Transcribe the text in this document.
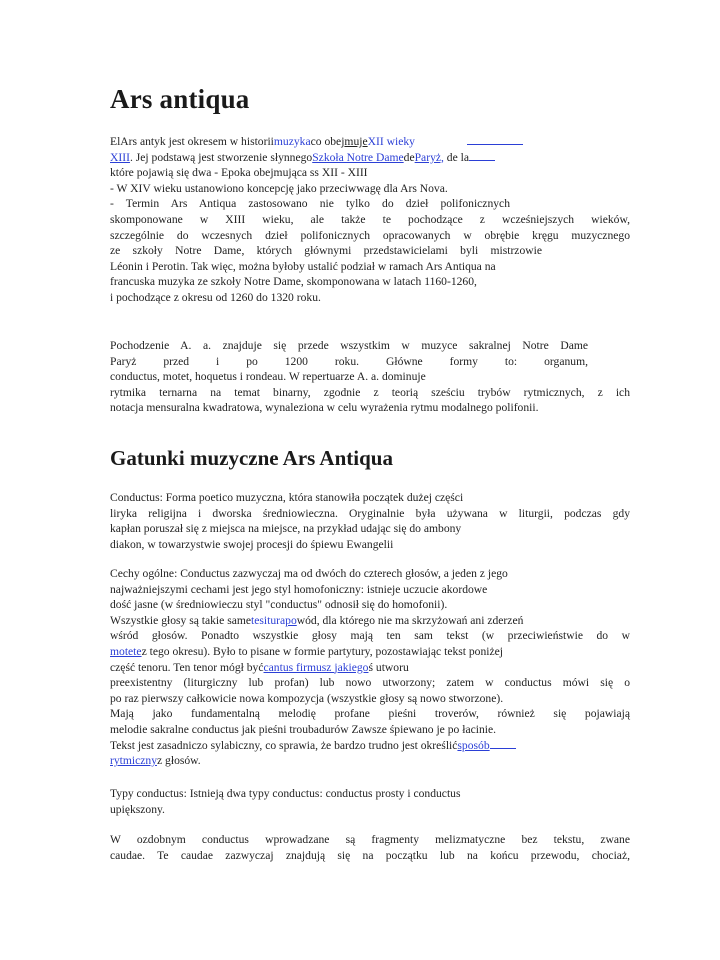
Ars antiqua
ElArs antyk jest okresem w historiimuzykaco obejmujeXII wieky
XIII. Jej podstawą jest stworzenie słynnegoSzkoła Notre DamedeParyż, de la
które pojawią się dwa - Epoka obejmująca ss XII - XIII
- W XIV wieku ustanowiono koncepcję jako przeciwwagę dla Ars Nova.
- Termin Ars Antiqua zastosowano nie tylko do dzieł polifonicznych
skomponowane w XIII wieku, ale także te pochodzące z wcześniejszych wieków,
szczególnie do wczesnych dzieł polifonicznych opracowanych w obrębie kręgu muzycznego
ze szkoły Notre Dame, których głównymi przedstawicielami byli mistrzowie
Léonin i Perotin. Tak więc, można byłoby ustalić podział w ramach Ars Antiqua na
francuska muzyka ze szkoły Notre Dame, skomponowana w latach 1160-1260,
i pochodzące z okresu od 1260 do 1320 roku.
Pochodzenie A. a. znajduje się przede wszystkim w muzyce sakralnej Notre Dame
Paryż przed i po 1200 roku. Główne formy to: organum,
conductus, motet, hoquetus i rondeau. W repertuarze A. a. dominuje
rytmika ternarna na temat binarny, zgodnie z teorią sześciu trybów rytmicznych, z ich
notacja mensuralna kwadratowa, wynaleziona w celu wyrażenia rytmu modalnego polifonii.
Gatunki muzyczne Ars Antiqua
Conductus: Forma poetico muzyczna, która stanowiła początek dużej części
liryka religijna i dworska średniowieczna. Oryginalnie była używana w liturgii, podczas gdy
kapłan poruszał się z miejsca na miejsce, na przykład udając się do ambony
diakon, w towarzystwie swojej procesji do śpiewu Ewangelii
Cechy ogólne: Conductus zazwyczaj ma od dwóch do czterech głosów, a jeden z jego
najważniejszymi cechami jest jego styl homofoniczny: istnieje uczucie akordowe
dość jasne (w średniowieczu styl "conductus" odnosił się do homofonii).
Wszystkie głosy są takie sametesiturapowód, dla którego nie ma skrzyżowań ani zderzeń
wśród głosów. Ponadto wszystkie głosy mają ten sam tekst (w przeciwieństwie do w
motetez tego okresu). Było to pisane w formie partytury, pozostawiając tekst poniżej
część tenoru. Ten tenor mógł byćcantus firmusz jakiegoś utworu
preexistentny (liturgiczny lub profan) lub nowo utworzony; zatem w conductus mówi się o
po raz pierwszy całkowicie nowa kompozycja (wszystkie głosy są nowo stworzone).
Mają jako fundamentalną melodię profane pieśni troverów, również się pojawiają
melodie sakralne conductus jak pieśni troubadurów Zawsze śpiewano je po łacinie.
Tekst jest zasadniczo sylabiczny, co sprawia, że bardzo trudno jest określićsposób
rytmicznyz głosów.
Typy conductus: Istnieją dwa typy conductus: conductus prosty i conductus
upiększony.
W ozdobnym conductus wprowadzane są fragmenty melizmatyczne bez tekstu, zwane
caudae. Te caudae zazwyczaj znajdują się na początku lub na końcu przewodu, chociaż,
